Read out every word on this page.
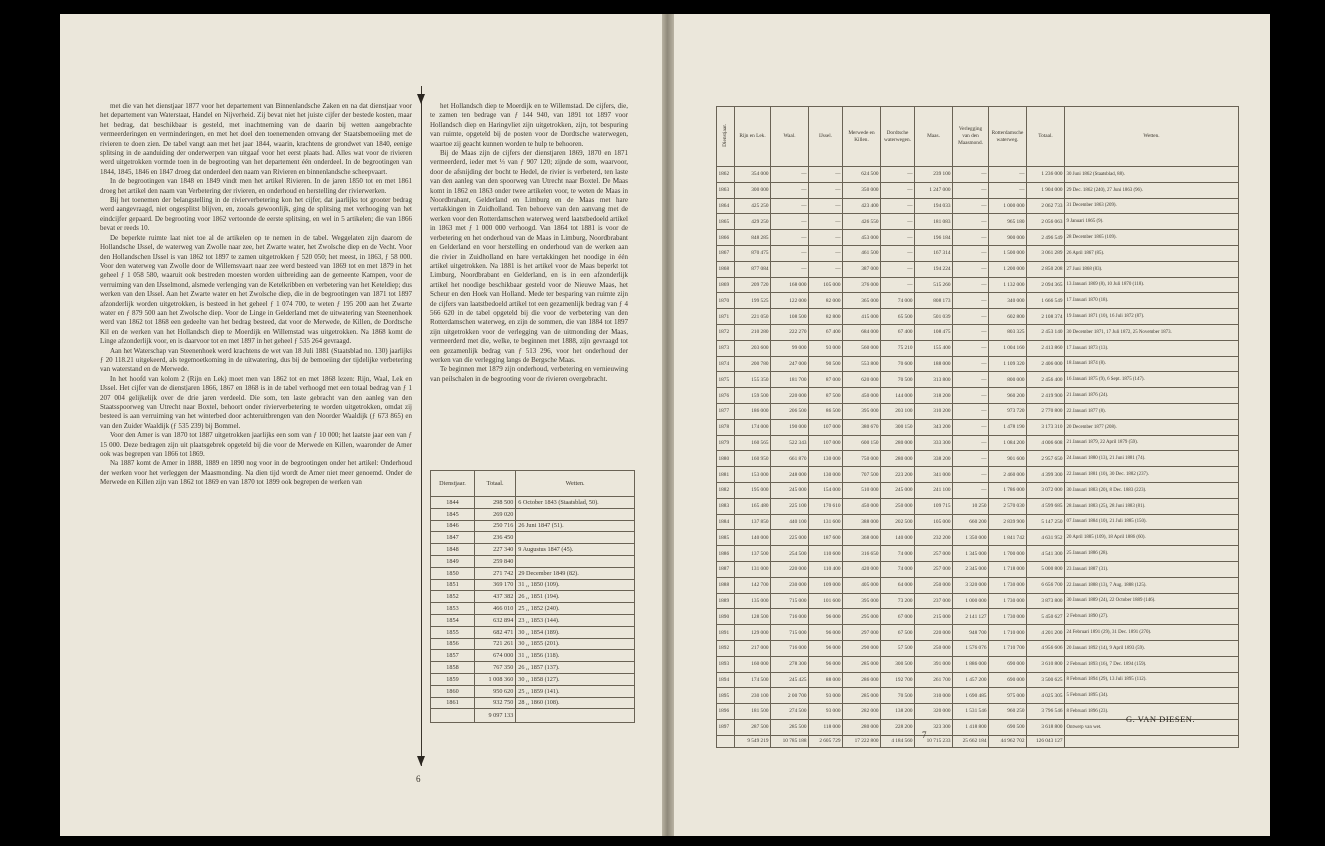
met die van het dienstjaar 1877 voor het departement van Binnenlandsche Zaken en na dat dienstjaar voor het departement van Waterstaat, Handel en Nijverheid. Zij bevat niet het juiste cijfer der bestede kosten, maar het bedrag, dat beschikbaar is gesteld, met inachtneming van de daarin bij wetten aangebrachte vermeerderingen en verminderingen, en met het doel den toenemenden omvang der Staatsbemoeiing met de rivieren te doen zien. De tabel vangt aan met het jaar 1844, waarin, krachtens de grondwet van 1840, eenige splitsing in de aanduiding der onderwerpen van uitgaaf voor het eerst plaats had. Alles wat voor de rivieren werd uitgetrokken vormde toen in de begrooting van het departement één onderdeel. In de begrootingen van 1844, 1845, 1846 en 1847 droeg dat onderdeel den naam van Rivieren en binnenlandsche scheepvaart.

In de begrootingen van 1848 en 1849 vindt men het artikel Rivieren. In de jaren 1850 tot en met 1861 droeg het artikel den naam van Verbetering der rivieren, en onderhoud en herstelling der rivierwerken.

Bij het toenemen der belangstelling in de rivierverbetering kon het cijfer, dat jaarlijks tot grooter bedrag werd aangevraagd, niet ongesplitst blijven, en, zooals gewoonlijk, ging de splitsing met verhooging van het eindcijfer gepaard. De begrooting voor 1862 vertoonde de eerste splitsing, en wel in 5 artikelen; die van 1866 bevat er reeds 10.

De beperkte ruimte laat niet toe al de artikelen op te nemen in de tabel. Weggelaten zijn daarom de Hollandsche IJssel, de waterweg van Zwolle naar zee, het Zwarte water, het Zwolsche diep en de Vecht. Voor den Hollandschen IJssel is van 1862 tot 1897 te zamen uitgetrokken ƒ 520 050; het meest, in 1863, ƒ 58 000. Voor den waterweg van Zwolle door de Willemsvaart naar zee werd besteed van 1869 tot en met 1879 in het geheel ƒ 1 058 580, waaruit ook bestreden moesten worden uitbreiding aan de gemeente Kampen, voor de verruiming van den IJsselmond, alsmede verlenging van de Ketelkribben en verbetering van het Keteldiep; dus werken van den IJssel. Aan het Zwarte water en het Zwolsche diep, die in de begrootingen van 1871 tot 1897 afzonderlijk worden uitgetrokken, is besteed in het geheel ƒ 1 074 700, te weten ƒ 195 200 aan het Zwarte water en ƒ 879 500 aan het Zwolsche diep. Voor de Linge in Gelderland met de uitwatering van Steenenhoek werd van 1862 tot 1868 een gedeelte van het bedrag besteed, dat voor de Merwede, de Killen, de Dordtsche Kil en de werken van het Hollandsch diep te Moerdijk en Willemstad was uitgetrokken. Na 1868 komt de Linge afzonderlijk voor, en is daarvoor tot en met 1897 in het geheel ƒ 535 264 gevraagd.

Aan het Waterschap van Steenenhoek werd krachtens de wet van 18 Juli 1881 (Staatsblad no. 130) jaarlijks ƒ 20 118.21 uitgekeerd, als tegemoetkoming in de uitwatering, dus bij de bemoeiing der tijdelijke verbetering van waterstand en de Merwede.

In het hoofd van kolom 2 (Rijn en Lek) moet men van 1862 tot en met 1868 lezen: Rijn, Waal, Lek en IJssel. Het cijfer van de dienstjaren 1866, 1867 en 1868 is in de tabel verhoogd met een totaal bedrag van ƒ 1 207 004 gelijkelijk over de drie jaren verdeeld. Die som, ten laste gebracht van den aanleg van den Staatsspoorweg van Utrecht naar Boxtel, behoort onder rivierverbetering te worden uitgetrokken, omdat zij besteed is aan verruiming van het winterbed door achteruitbrengen van den Noorder Waaldijk (ƒ 673 865) en van den Zuider Waaldijk (ƒ 535 239) bij Bommel.

Voor den Amer is van 1870 tot 1887 uitgetrokken jaarlijks een som van ƒ 10 000; het laatste jaar een van ƒ 15 000. Deze bedragen zijn uit plaatsgebrek opgeteld bij die voor de Merwede en Killen, waaronder de Amer ook was begrepen van 1866 tot 1869.

Na 1887 komt de Amer in 1888, 1889 en 1890 nog voor in de begrootingen onder het artikel: Onderhoud der werken voor het verleggen der Maasmonding. Na dien tijd wordt de Amer niet meer genoemd. Onder de Merwede en Killen zijn van 1862 tot 1869 en van 1870 tot 1899 ook begrepen de werken van

het Hollandsch diep te Moerdijk en te Willemstad. De cijfers, die, te zamen ten bedrage van ƒ 144 940, van 1891 tot 1897 voor Hollandsch diep en Haringvliet zijn uitgetrokken, zijn, tot bespuring van ruimte, opgeteld bij de posten voor de Dordtsche waterwegen, waartoe zij geacht kunnen worden te hulp te behooren.

Bij de Maas zijn de cijfers der dienstjaren 1869, 1870 en 1871 vermeerderd, ieder met ⅓ van ƒ 907 120; zijnde de som, waarvoor, door de afsnijding der bocht te Hedel, de rivier is verbeterd, ten laste van den aanleg van den spoorweg van Utrecht naar Boxtel. De Maas komt in 1862 en 1863 onder twee artikelen voor, te weten de Maas in Noordbrabant, Gelderland en Limburg en de Maas met hare vertakkingen in Zuidholland. Ten behoeve van den aanvang met de werken voor den Rotterdamschen waterweg werd laatstbedoeld artikel in 1863 met ƒ 1 000 000 verhoogd. Van 1864 tot 1881 is voor de verbetering en het onderhoud van de Maas in Limburg, Noordbrabant en Gelderland en voor herstelling en onderhoud van de werken aan die rivier in Zuidholland en hare vertakkingen het noodige in één artikel uitgetrokken. Na 1881 is het artikel voor de Maas beperkt tot Limburg, Noordbrabant en Gelderland, en is in een afzonderlijk artikel het noodige beschikbaar gesteld voor de Nieuwe Maas, het Scheur en den Hoek van Holland. Mede ter besparing van ruimte zijn de cijfers van laatstbedoeld artikel tot een gezamenlijk bedrag van ƒ 4 566 620 in de tabel opgeteld bij die voor de verbetering van den Rotterdamschen waterweg, en zijn de sommen, die van 1884 tot 1897 zijn uitgetrokken voor de verlegging van de uitmonding der Maas, vermeerderd met die, welke, te beginnen met 1888, zijn gevraagd tot een gezamenlijk bedrag van ƒ 513 296, voor het onderhoud der werken van die verlegging langs de Bergsche Maas.

Te beginnen met 1879 zijn onderhoud, verbetering en vernieuwing van peilschalen in de begrooting voor de rivieren overgebracht.

Dienstjaar.	Totaal.	Wetten.
1844	298 500	6 October 1843 (Staatsblad, 50).
1845	269 020	
1846	250 716	26 Juni 1847 (51).
1847	236 450	
1848	227 340	9 Augustus 1847 (45).
1849	259 840	
1850	271 742	29 December 1849 (82).
1851	369 170	31 ,, 1850 (109).
1852	437 382	26 ,, 1851 (194).
1853	466 010	25 ,, 1852 (240).
1854	632 894	23 ,, 1853 (144).
1855	682 471	30 ,, 1854 (189).
1856	721 261	30 ,, 1855 (201).
1857	674 000	31 ,, 1856 (118).
1858	767 350	26 ,, 1857 (137).
1859	1 008 360	30 ,, 1858 (127).
1860	950 620	25 ,, 1859 (141).
1861	932 750	28 ,, 1860 (108).
	9 097 133	
6
Dienstjaar.	Rijn en Lek.	Waal.	IJssel.	Merwede en Killen.	Dordtsche waterwegen.	Maas.	Verlegging van den Maasmond.	Rotterdamsche waterweg.	Totaal.	Wetten.
1862	354 000	—	—	624 500	—	239 100	—	—	1 236 000	30 Juni 1862 (Staatsblad, 88).
1863	300 000	—	—	350 000	—	1 247 000	—	—	1 904 000	29 Dec. 1862 (240), 27 Juni 1863 (96).
1864	425 250	—	—	423 400	—	194 033	—	1 000 000	2 062 733	31 December 1863 (209).
1865	429 250	—	—	426 550	—	181 083	—	965 180	2 056 063	9 Januari 1865 (9).
1866	848 285	—	—	453 000	—	196 184	—	900 000	2 496 549	28 December 1865 (109).
1867	870 475	—	—	461 500	—	167 314	—	1 500 000	3 061 289	26 April 1867 (85).
1868	877 084	—	—	387 000	—	194 224	—	1 200 000	2 850 208	27 Juni 1868 (83).
1869	209 720	168 000	105 000	376 000	—	515 260	—	1 132 000	2 094 365	13 Januari 1869 (8), 10 Juli 1870 (118).
1870	199 525	122 000	82 000	365 000	74 000	808 173	—	340 000	1 666 549	17 Januari 1870 (18).
1871	221 050	108 500	82 800	415 000	65 500	501 039	—	602 800	2 108 374	19 Januari 1871 (10), 16 Juli 1872 (87).
1872	210 280	222 270	67 400	684 000	67 400	108 475	—	803 325	2 453 140	30 December 1871, 17 Juli 1872, 25 November 1873.
1873	203 600	99 000	93 000	560 000	75 210	155 400	—	1 004 160	2 413 860	17 Januari 1873 (13).
1874	200 780	247 000	90 500	553 800	70 600	188 000	—	1 109 320	2 406 000	18 Januari 1874 (8).
1875	155 350	181 700	87 000	620 000	70 500	313 800	—	800 000	2 456 400	16 Januari 1875 (9), 6 Sept. 1875 (147).
1876	159 500	220 000	87 500	450 000	144 000	318 200	—	960 200	2 419 900	21 Januari 1876 (24).
1877	186 000	206 500	86 500	395 000	203 100	310 200	—	973 720	2 770 800	22 Januari 1877 (8).
1878	174 000	190 000	107 000	380 670	300 150	343 200	—	1 478 190	3 173 310	20 December 1877 (208).
1879	160 565	522 343	107 000	600 150	280 000	333 300	—	1 084 200	4 006 608	21 Januari 1879, 22 April 1879 (59).
1880	160 950	661 870	130 000	750 000	280 000	338 200	—	901 600	2 957 650	24 Januari 1880 (13), 21 Juni 1881 (74).
1881	153 000	248 000	130 000	707 500	223 200	341 000	—	2 460 000	4 399 300	22 Januari 1881 (10), 30 Dec. 1882 (237).
1882	195 000	245 000	154 000	510 000	245 000	241 100	—	1 786 000	3 072 000	30 Januari 1883 (20), 8 Dec. 1883 (223).
1883	165 480	225 100	170 610	450 000	250 000	109 715	10 250	2 570 030	4 599 685	28 Januari 1883 (25), 28 Juni 1883 (81).
1884	137 850	440 100	131 600	388 000	202 500	105 000	660 200	2 839 900	5 147 250	07 Januari 1884 (10), 21 Juli 1885 (150).
1885	140 000	225 000	187 600	368 000	140 000	232 200	1 350 000	1 841 742	4 631 952	20 April 1885 (109), 18 April 1886 (60).
1886	137 500	254 500	110 600	316 650	74 000	257 000	1 345 000	1 700 000	4 541 300	25 Januari 1886 (28).
1887	131 000	220 000	110 400	420 000	74 000	257 000	2 345 000	1 718 000	5 000 800	23 Januari 1887 (31).
1888	142 700	230 000	109 000	405 000	64 000	250 000	3 320 000	1 730 000	6 656 700	22 Januari 1888 (13), 7 Aug. 1888 (125).
1889	135 000	715 000	101 600	395 000	73 200	237 000	1 000 000	1 730 000	3 873 800	30 Januari 1889 (24), 22 October 1889 (146).
1890	128 500	716 000	96 000	295 000	67 000	215 000	2 141 127	1 730 000	5 450 627	2 Februari 1890 (27).
1891	129 000	715 000	96 000	297 000	67 500	220 000	948 700	1 710 000	4 201 200	24 Februari 1891 (29), 31 Dec. 1891 (270).
1892	217 000	716 000	96 000	290 000	57 500	250 000	1 576 076	1 710 700	4 956 606	20 Januari 1892 (14), 9 April 1893 (59).
1893	160 000	278 300	96 000	285 000	300 500	391 000	1 886 000	690 000	3 610 800	2 Februari 1893 (16), 7 Dec. 1894 (159).
1894	174 500	245 425	88 000	286 000	192 700	261 700	1 457 200	690 000	3 500 625	8 Februari 1894 (29), 13 Juli 1895 (112).
1895	230 100	2 00 700	93 000	285 000	70 500	310 000	1 690 485	975 000	4 025 305	5 Februari 1895 (34).
1896	181 500	274 500	93 000	282 000	138 200	320 000	1 531 546	960 250	3 796 546	8 Februari 1896 (23).
1897	287 500	285 500	118 000	280 000	228 200	323 300	1 418 800	690 500	3 618 800	Ontwerp van wet.
	9 549 219	10 785 188	2 605 729	17 222 800	4 184 560	10 715 233	25 662 184	44 962 702	126 043 127	
G. VAN DIESEN.
7
